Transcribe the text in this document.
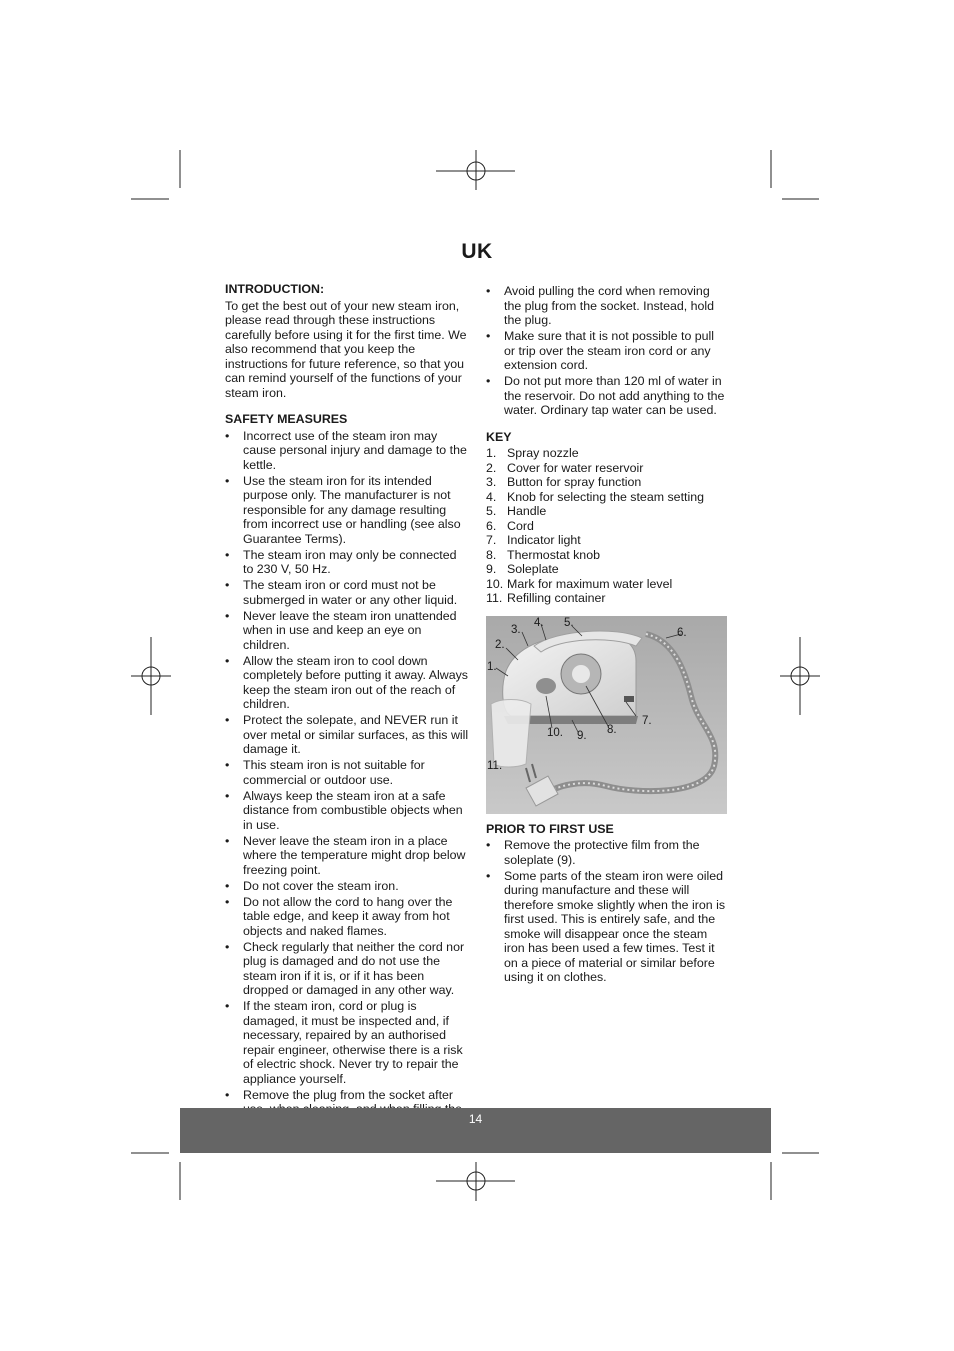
UK

INTRODUCTION:

To get the best out of your new steam iron, please read through these instructions carefully before using it for the first time. We also recommend that you keep the instructions for future reference, so that you can remind yourself of the functions of your steam iron.

SAFETY MEASURES

• Incorrect use of the steam iron may cause personal injury and damage to the kettle.
• Use the steam iron for its intended purpose only. The manufacturer is not responsible for any damage resulting from incorrect use or handling (see also Guarantee Terms).
• The steam iron may only be connected to 230 V, 50 Hz.
• The steam iron or cord must not be submerged in water or any other liquid.
• Never leave the steam iron unattended when in use and keep an eye on children.
• Allow the steam iron to cool down completely before putting it away. Always keep the steam iron out of the reach of children.
• Protect the solepate, and NEVER run it over metal or similar surfaces, as this will damage it.
• This steam iron is not suitable for commercial or outdoor use.
• Always keep the steam iron at a safe distance from combustible objects when in use.
• Never leave the steam iron in a place where the temperature might drop below freezing point.
• Do not cover the steam iron.
• Do not allow the cord to hang over the table edge, and keep it away from hot objects and naked flames.
• Check regularly that neither the cord nor plug is damaged and do not use the steam iron if it is, or if it has been dropped or damaged in any other way.
• If the steam iron, cord or plug is damaged, it must be inspected and, if necessary, repaired by an authorised repair engineer, otherwise there is a risk of electric shock. Never try to repair the appliance yourself.
• Remove the plug from the socket after
• Avoid pulling the cord when removing the plug from the socket. Instead, hold the plug.
• Make sure that it is not possible to pull or trip over the steam iron cord or any extension cord.
• Do not put more than 120 ml of water in the reservoir. Do not add anything to the water. Ordinary tap water can be used.

KEY

1. Spray nozzle
2. Cover for water reservoir
3. Button for spray function
4. Knob for selecting the steam setting
5. Handle
6. Cord
7. Indicator light
8. Thermostat knob
9. Soleplate
10. Mark for maximum water level
11. Refilling container
1.
2.
3.
4. 5.
6.
7.
8.
9.
10.
11.

PRIOR TO FIRST USE

• Remove the protective film from the soleplate (9).
• Some parts of the steam iron were oiled during manufacture and these will therefore smoke slightly when the iron is first used. This is entirely safe, and the smoke will disappear once the steam iron has been used a few times. Test it on a piece of material or similar before using it on clothes.
14
